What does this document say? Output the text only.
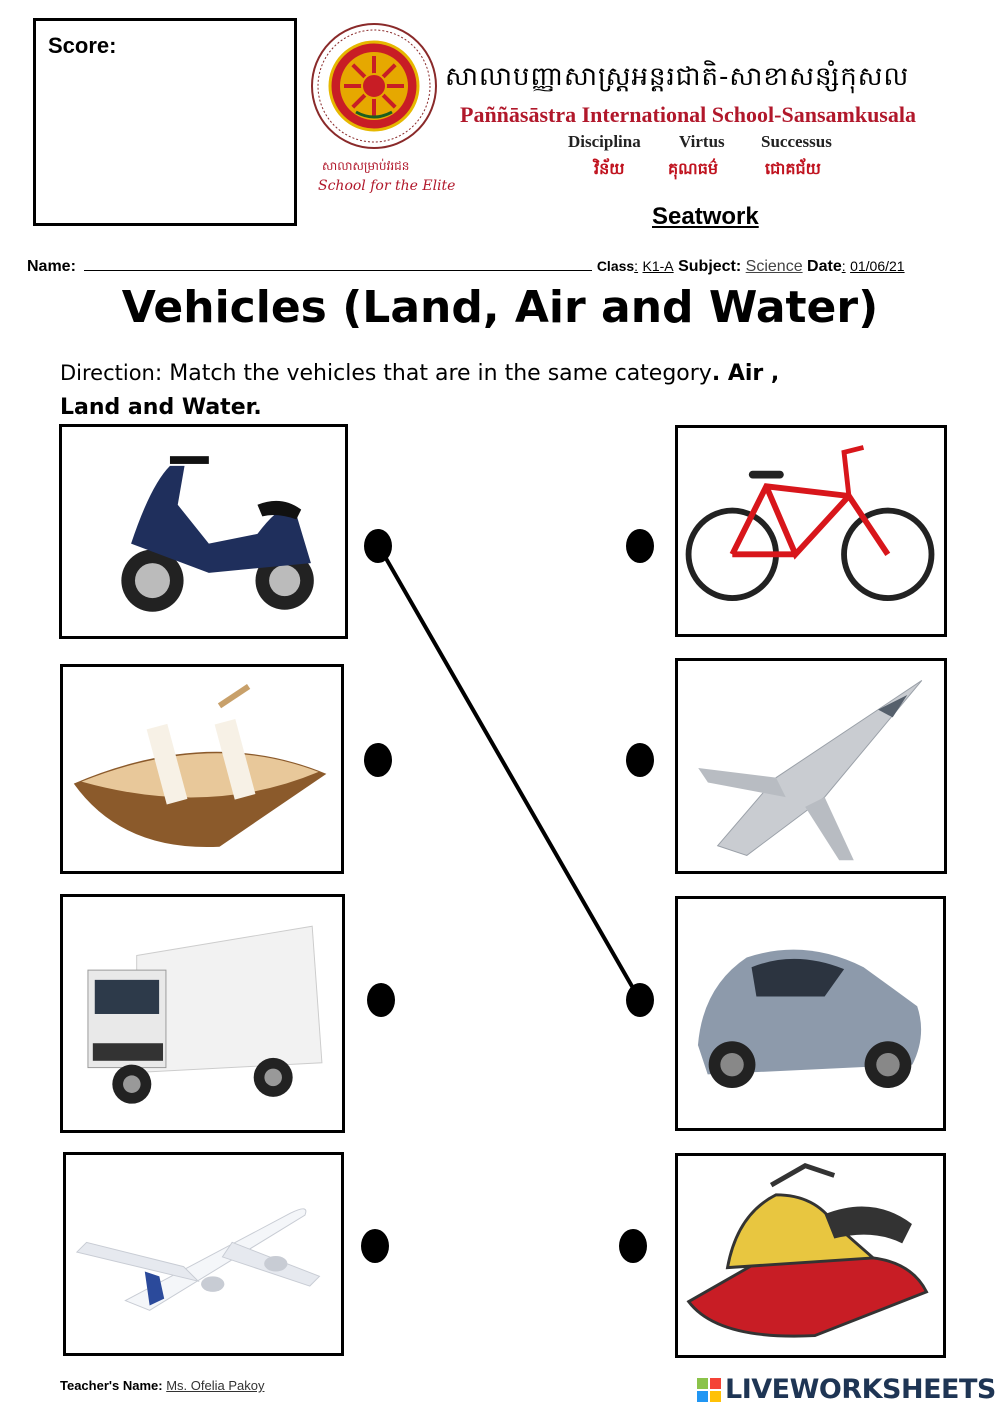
Score:
សាលាសម្រាប់វរជន
School for the Elite
សាលាបញ្ញាសាស្ត្រអន្តរជាតិ-សាខាសន្សំកុសល
Paññāsāstra International School-Sansamkusala
Disciplina Virtus Successus
វិន័យ	គុណធម៌	ជោគជ័យ
Seatwork
Name:	Class: K1-A Subject: Science Date: 01/06/21
Vehicles (Land, Air and Water)
Direction: Match the vehicles that are in the same category. Air ,
Land and Water.
Teacher's Name: Ms. Ofelia Pakoy	LIVEWORKSHEETS
